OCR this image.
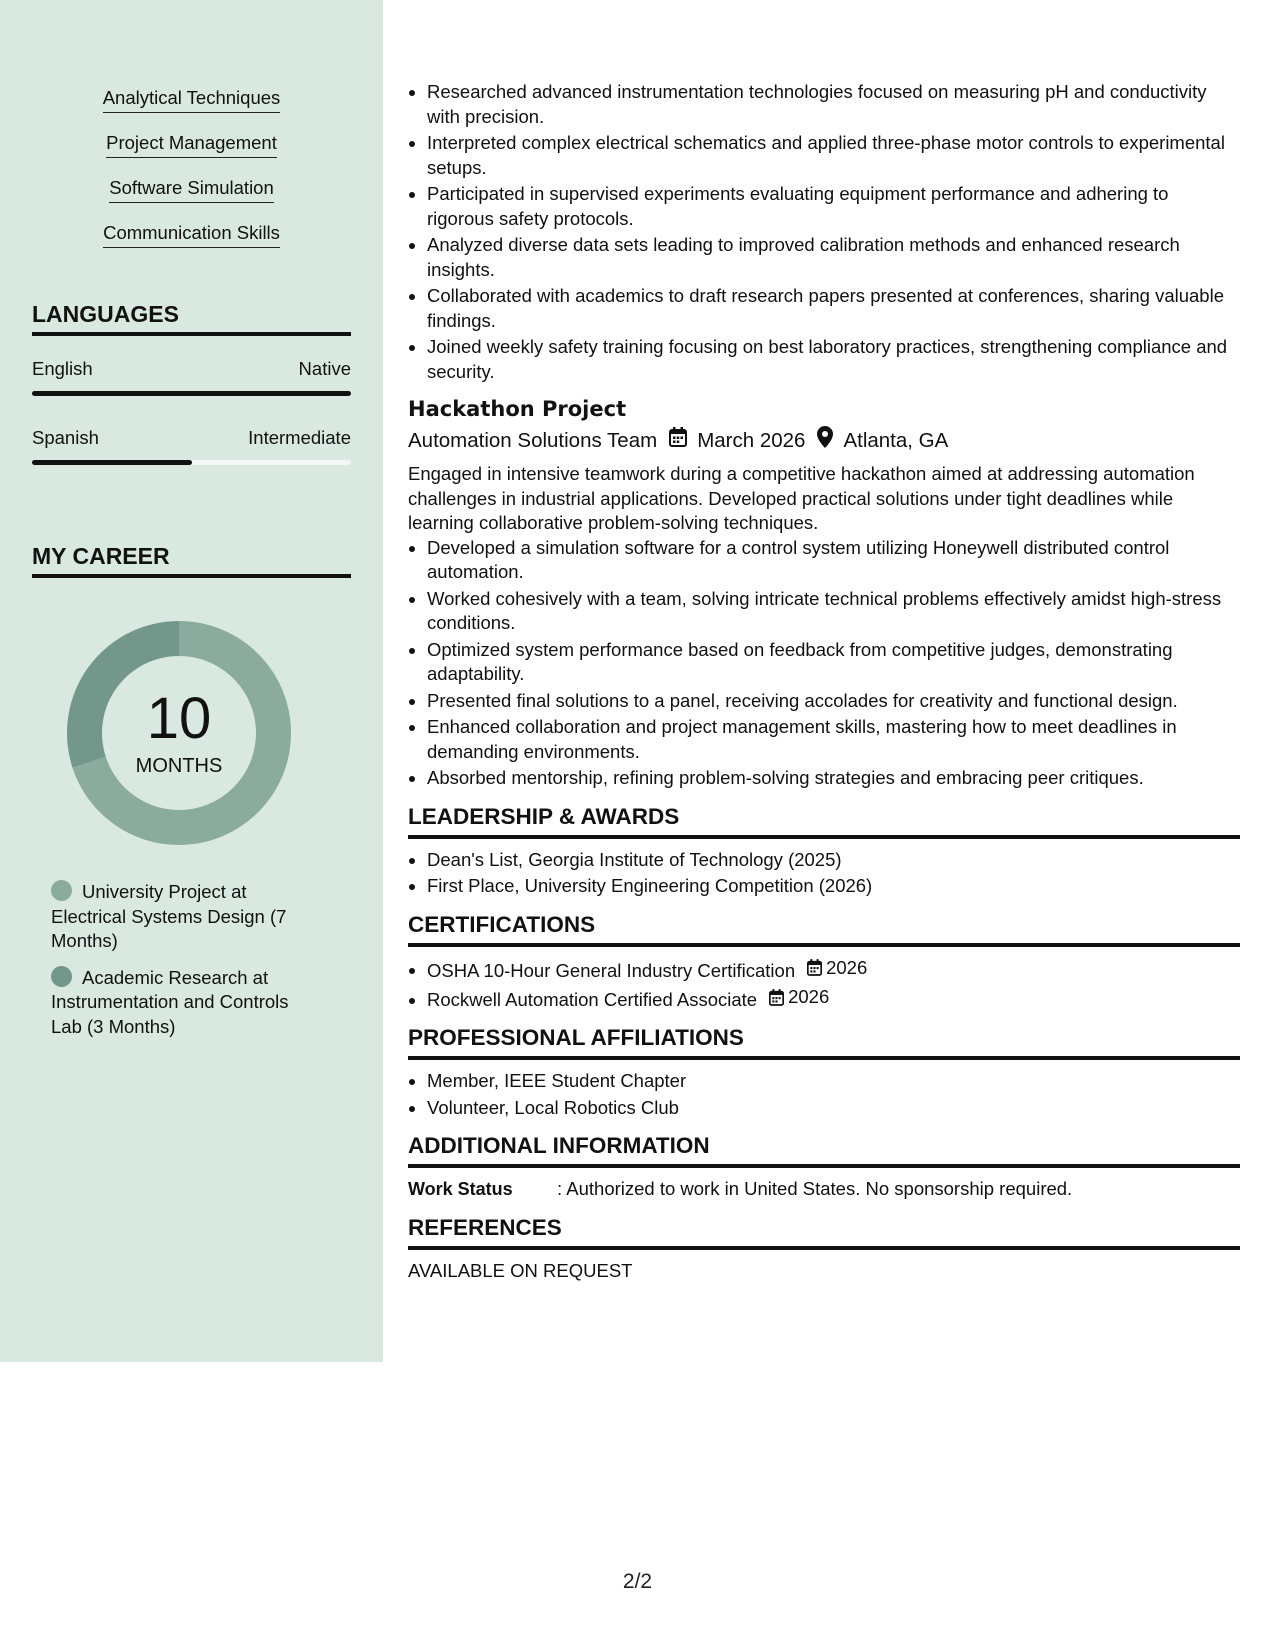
Analytical Techniques
Project Management
Software Simulation
Communication Skills
LANGUAGES
English	Native
Spanish	Intermediate
MY CAREER
10
MONTHS
University Project at Electrical Systems Design (7 Months)
Academic Research at Instrumentation and Controls Lab (3 Months)
• Researched advanced instrumentation technologies focused on measuring pH and conductivity with precision.
• Interpreted complex electrical schematics and applied three-phase motor controls to experimental setups.
• Participated in supervised experiments evaluating equipment performance and adhering to rigorous safety protocols.
• Analyzed diverse data sets leading to improved calibration methods and enhanced research insights.
• Collaborated with academics to draft research papers presented at conferences, sharing valuable findings.
• Joined weekly safety training focusing on best laboratory practices, strengthening compliance and security.
Hackathon Project
Automation Solutions Team March 2026 Atlanta, GA
Engaged in intensive teamwork during a competitive hackathon aimed at addressing automation challenges in industrial applications. Developed practical solutions under tight deadlines while learning collaborative problem-solving techniques.
• Developed a simulation software for a control system utilizing Honeywell distributed control automation.
• Worked cohesively with a team, solving intricate technical problems effectively amidst high-stress conditions.
• Optimized system performance based on feedback from competitive judges, demonstrating adaptability.
• Presented final solutions to a panel, receiving accolades for creativity and functional design.
• Enhanced collaboration and project management skills, mastering how to meet deadlines in demanding environments.
• Absorbed mentorship, refining problem-solving strategies and embracing peer critiques.
LEADERSHIP & AWARDS
• Dean's List, Georgia Institute of Technology (2025)
• First Place, University Engineering Competition (2026)
CERTIFICATIONS
• OSHA 10-Hour General Industry Certification 2026
• Rockwell Automation Certified Associate 2026
PROFESSIONAL AFFILIATIONS
• Member, IEEE Student Chapter
• Volunteer, Local Robotics Club
ADDITIONAL INFORMATION
Work Status	: Authorized to work in United States. No sponsorship required.
REFERENCES
AVAILABLE ON REQUEST
2/2
